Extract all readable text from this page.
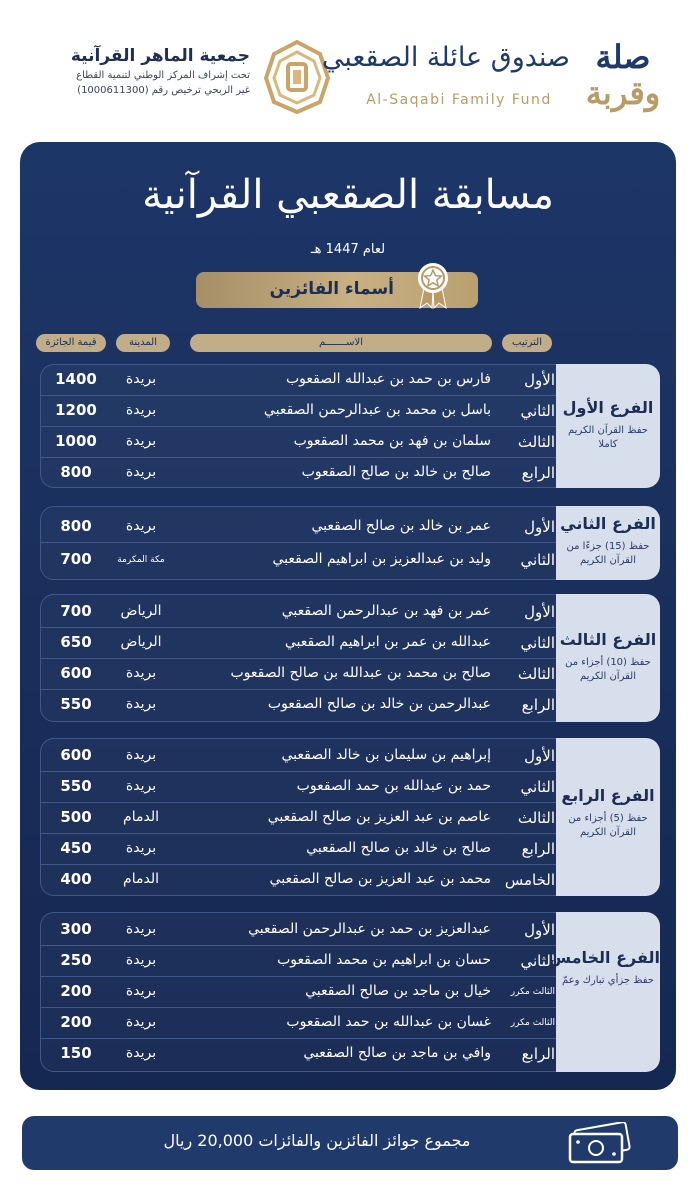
جمعية الماهر القرآنية
تحت إشراف المركز الوطني لتنمية القطاع
غير الربحي ترخيص رقم (1000611300)
صندوق عائلة الصقعبي
Al-Saqabi Family Fund
صلة
وقربة
مسابقة الصقعبي القرآنية
لعام 1447 هـ
أسماء الفائزين
الترتيب
الاســـــــم
المدينة
قيمة الجائزة
الأول
فارس بن حمد بن عبدالله الصقعوب
بريدة
1400
الثاني
باسل بن محمد بن عبدالرحمن الصقعبي
بريدة
1200
الثالث
سلمان بن فهد بن محمد الصقعوب
بريدة
1000
الرابع
صالح بن خالد بن صالح الصقعوب
بريدة
800
الفرع الأول
حفظ القرآن الكريم كاملا
الأول
عمر بن خالد بن صالح الصقعبي
بريدة
800
الثاني
وليد بن عبدالعزيز بن ابراهيم الصقعبي
مكة المكرمة
700
الفرع الثاني
حفظ (15) جزءًا من القرآن الكريم
الأول
عمر بن فهد بن عبدالرحمن الصقعبي
الرياض
700
الثاني
عبدالله بن عمر بن ابراهيم الصقعبي
الرياض
650
الثالث
صالح بن محمد بن عبدالله بن صالح الصقعوب
بريدة
600
الرابع
عبدالرحمن بن خالد بن صالح الصقعوب
بريدة
550
الفرع الثالث
حفظ (10) أجزاء من القرآن الكريم
الأول
إبراهيم بن سليمان بن خالد الصقعبي
بريدة
600
الثاني
حمد بن عبدالله بن حمد الصقعوب
بريدة
550
الثالث
عاصم بن عبد العزيز بن صالح الصقعبي
الدمام
500
الرابع
صالح بن خالد بن صالح الصقعبي
بريدة
450
الخامس
محمد بن عبد العزيز بن صالح الصقعبي
الدمام
400
الفرع الرابع
حفظ (5) أجزاء من القرآن الكريم
الأول
عبدالعزيز بن حمد بن عبدالرحمن الصقعبي
بريدة
300
الثاني
حسان بن ابراهيم بن محمد الصقعوب
بريدة
250
الثالث مكرر
خيال بن ماجد بن صالح الصقعبي
بريدة
200
الثالث مكرر
غسان بن عبدالله بن حمد الصقعوب
بريدة
200
الرابع
وافي بن ماجد بن صالح الصقعبي
بريدة
150
الفرع الخامس
حفظ جزأي تبارك وعمّ
مجموع جوائز الفائزين والفائزات 20,000 ريال
